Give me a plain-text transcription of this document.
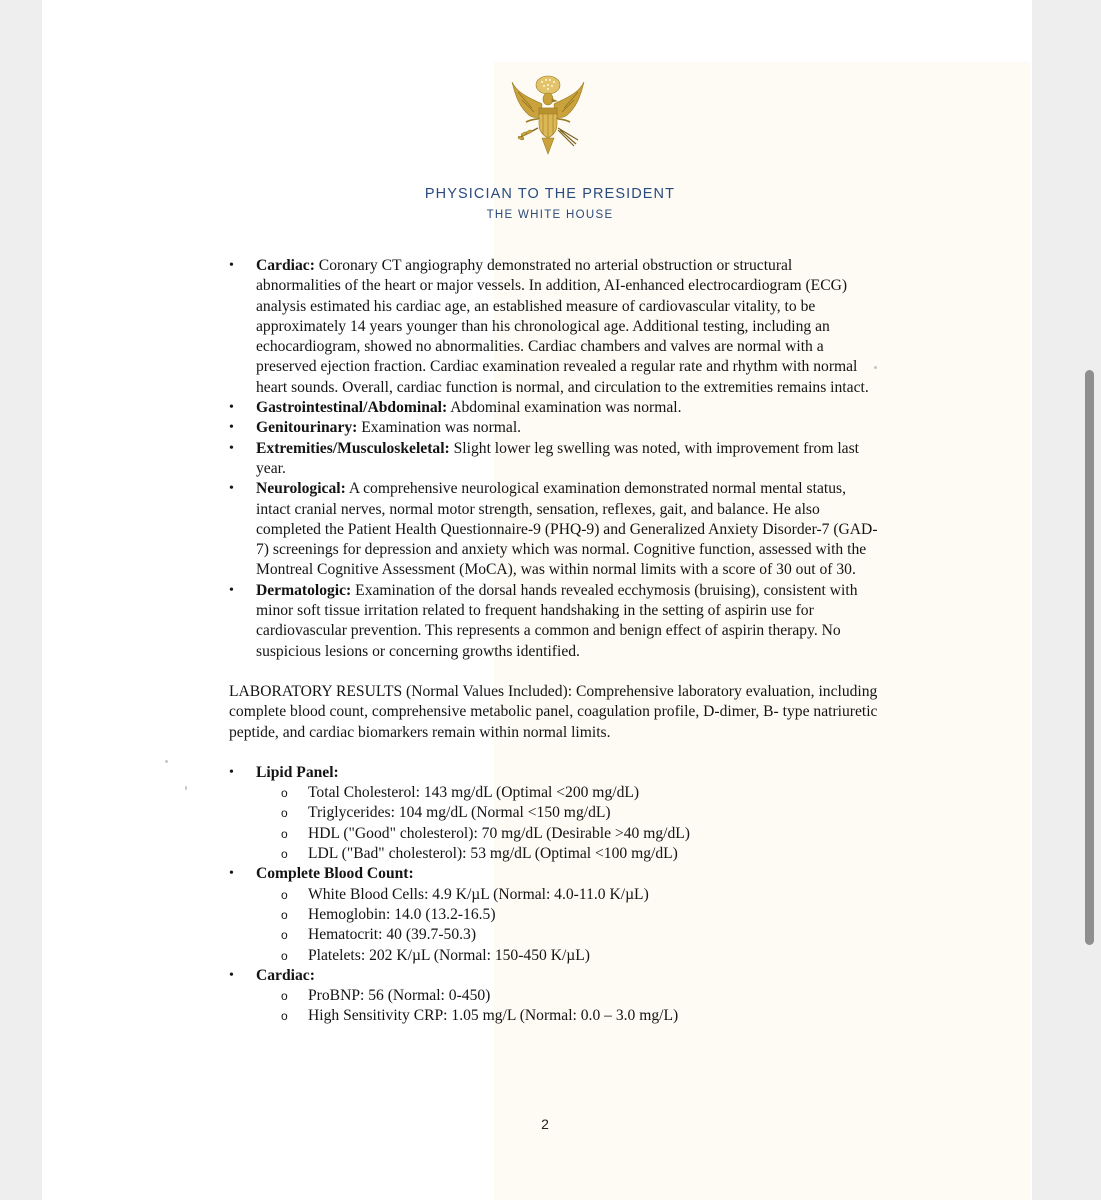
PHYSICIAN TO THE PRESIDENT
THE WHITE HOUSE
• Cardiac: Coronary CT angiography demonstrated no arterial obstruction or structural abnormalities of the heart or major vessels. In addition, AI-enhanced electrocardiogram (ECG) analysis estimated his cardiac age, an established measure of cardiovascular vitality, to be approximately 14 years younger than his chronological age. Additional testing, including an echocardiogram, showed no abnormalities. Cardiac chambers and valves are normal with a preserved ejection fraction. Cardiac examination revealed a regular rate and rhythm with normal heart sounds. Overall, cardiac function is normal, and circulation to the extremities remains intact.
• Gastrointestinal/Abdominal: Abdominal examination was normal.
• Genitourinary: Examination was normal.
• Extremities/Musculoskeletal: Slight lower leg swelling was noted, with improvement from last year.
• Neurological: A comprehensive neurological examination demonstrated normal mental status, intact cranial nerves, normal motor strength, sensation, reflexes, gait, and balance. He also completed the Patient Health Questionnaire-9 (PHQ-9) and Generalized Anxiety Disorder-7 (GAD-7) screenings for depression and anxiety which was normal. Cognitive function, assessed with the Montreal Cognitive Assessment (MoCA), was within normal limits with a score of 30 out of 30.
• Dermatologic: Examination of the dorsal hands revealed ecchymosis (bruising), consistent with minor soft tissue irritation related to frequent handshaking in the setting of aspirin use for cardiovascular prevention. This represents a common and benign effect of aspirin therapy. No suspicious lesions or concerning growths identified.

LABORATORY RESULTS (Normal Values Included): Comprehensive laboratory evaluation, including complete blood count, comprehensive metabolic panel, coagulation profile, D-dimer, B- type natriuretic peptide, and cardiac biomarkers remain within normal limits.

• Lipid Panel:
o Total Cholesterol: 143 mg/dL (Optimal <200 mg/dL)
o Triglycerides: 104 mg/dL (Normal <150 mg/dL)
o HDL ("Good" cholesterol): 70 mg/dL (Desirable >40 mg/dL)
o LDL ("Bad" cholesterol): 53 mg/dL (Optimal <100 mg/dL)
• Complete Blood Count:
o White Blood Cells: 4.9 K/µL (Normal: 4.0-11.0 K/µL)
o Hemoglobin: 14.0 (13.2-16.5)
o Hematocrit: 40 (39.7-50.3)
o Platelets: 202 K/µL (Normal: 150-450 K/µL)
• Cardiac:
o ProBNP: 56 (Normal: 0-450)
o High Sensitivity CRP: 1.05 mg/L (Normal: 0.0 – 3.0 mg/L)
2
